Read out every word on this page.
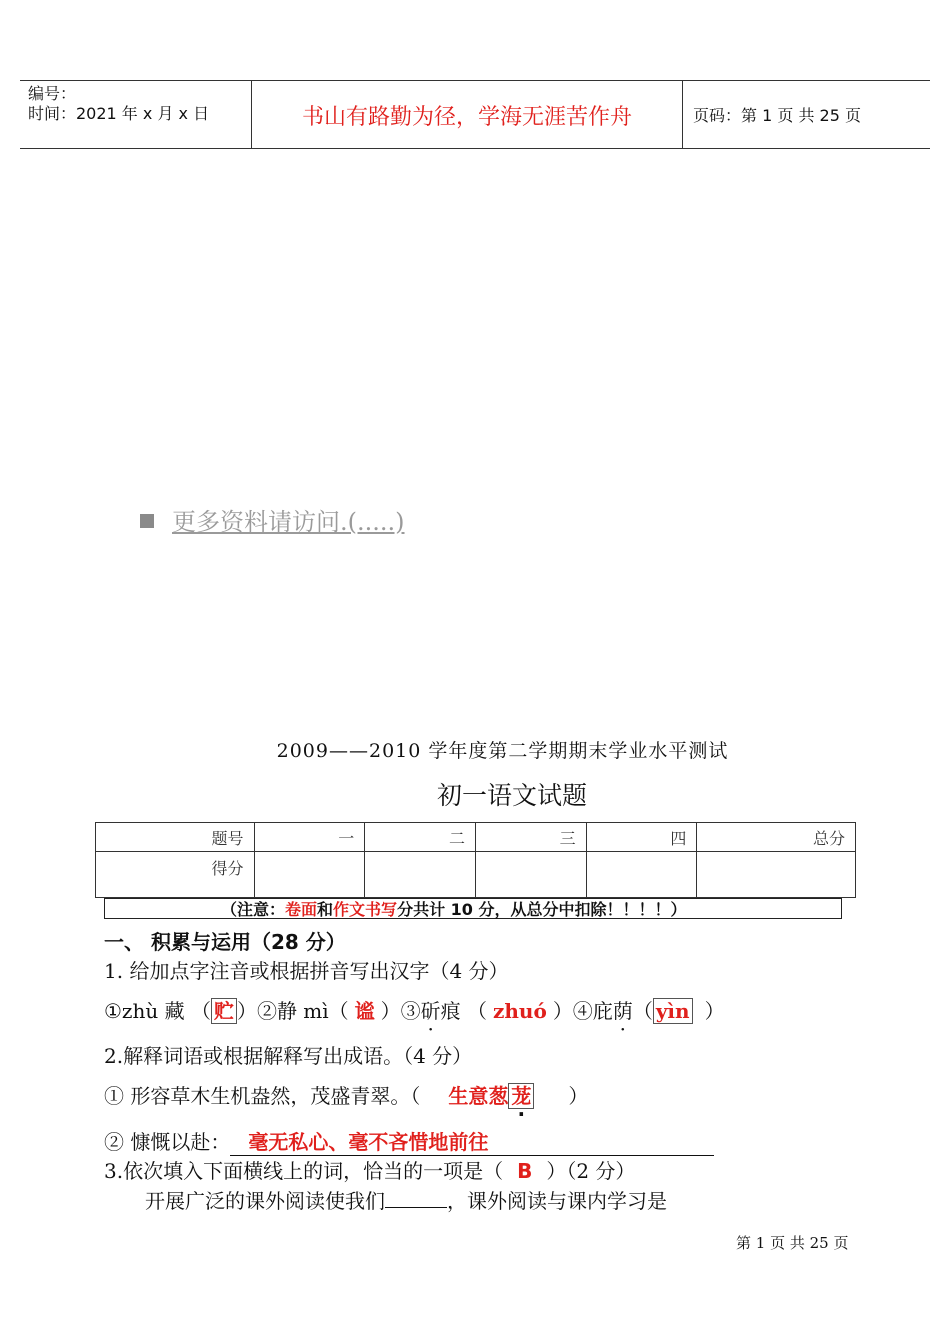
编号：
时间：2021 年 x 月 x 日	书山有路勤为径，学海无涯苦作舟	页码：第 1 页 共 25 页
更多资料请访问.(.....)
2009——2010 学年度第二学期期末学业水平测试
初一语文试题
题号	一	二	三	四	总分
得分					
（注意：卷面和作文书写分共计 10 分，从总分中扣除！！！！）
一、 积累与运用（28 分）
1. 给加点字注音或根据拼音写出汉字（4 分）
①zhù 藏 （ 贮 ）②静 mì（ 谧 ）③斫痕 （ zhuó ）④庇荫（ yìn ）
2.解释词语或根据解释写出成语。（4 分）
① 形容草木生机盎然，茂盛青翠。（ 生意葱 茏 ）
② 慷慨以赴： 毫无私心、毫不吝惜地前往
3.依次填入下面横线上的词，恰当的一项是（ B ）（2 分）
开展广泛的课外阅读使我们	，课外阅读与课内学习是
第 1 页 共 25 页
